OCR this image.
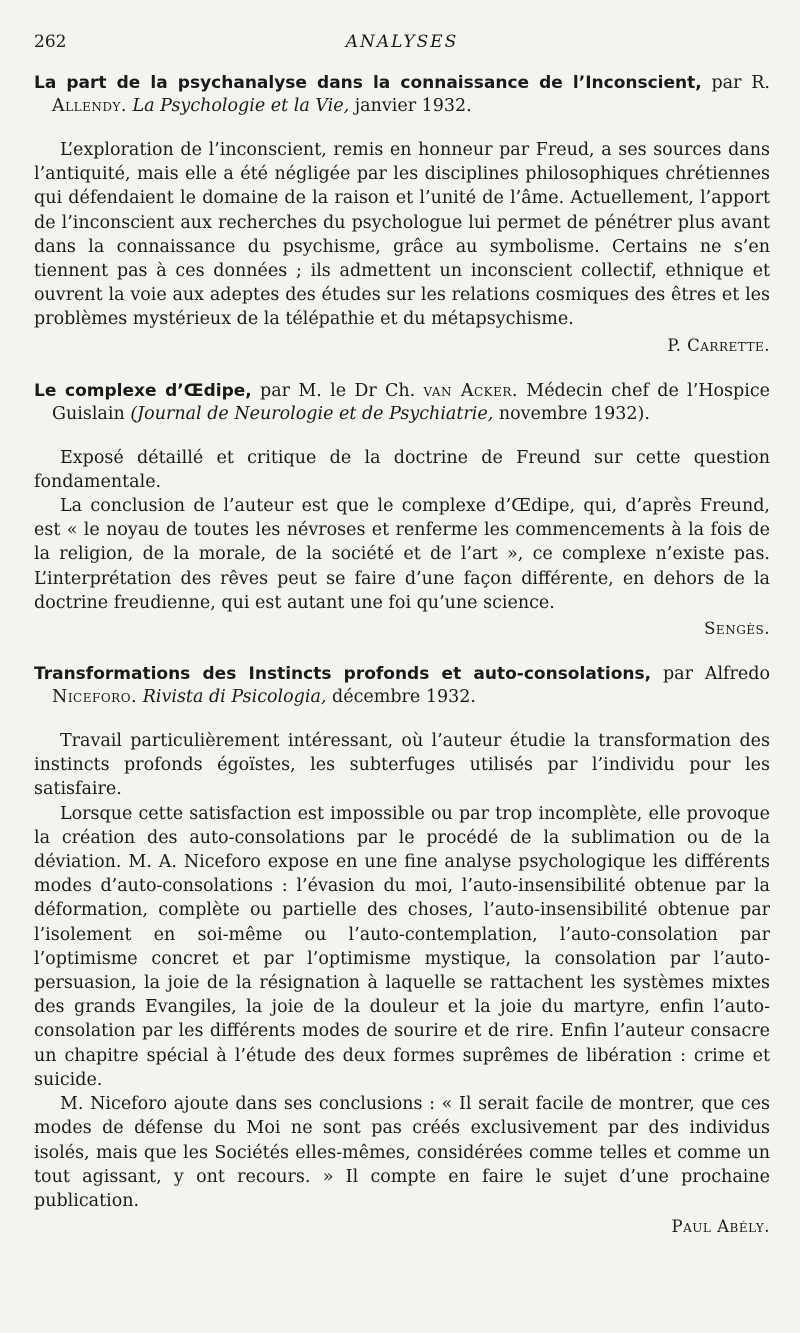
262	ANALYSES
La part de la psychanalyse dans la connaissance de l’Inconscient, par R. Allendy. La Psychologie et la Vie, janvier 1932.

L’exploration de l’inconscient, remis en honneur par Freud, a ses sources dans l’antiquité, mais elle a été négligée par les disciplines philosophiques chrétiennes qui défendaient le domaine de la raison et l’unité de l’âme. Actuellement, l’apport de l’inconscient aux recherches du psychologue lui permet de pénétrer plus avant dans la connaissance du psychisme, grâce au symbolisme. Certains ne s’en tiennent pas à ces données ; ils admettent un inconscient collectif, ethnique et ouvrent la voie aux adeptes des études sur les relations cosmiques des êtres et les problèmes mystérieux de la télépathie et du métapsychisme.

P. Carrette.

Le complexe d’Œdipe, par M. le Dr Ch. van Acker. Médecin chef de l’Hospice Guislain (Journal de Neurologie et de Psychiatrie, novembre 1932).

Exposé détaillé et critique de la doctrine de Freund sur cette question fondamentale.

La conclusion de l’auteur est que le complexe d’Œdipe, qui, d’après Freund, est « le noyau de toutes les névroses et renferme les commencements à la fois de la religion, de la morale, de la société et de l’art », ce complexe n’existe pas. L’interprétation des rêves peut se faire d’une façon différente, en dehors de la doctrine freudienne, qui est autant une foi qu’une science.

Sengès.

Transformations des Instincts profonds et auto-consolations, par Alfredo Niceforo. Rivista di Psicologia, décembre 1932.

Travail particulièrement intéressant, où l’auteur étudie la transformation des instincts profonds égoïstes, les subterfuges utilisés par l’individu pour les satisfaire.

Lorsque cette satisfaction est impossible ou par trop incomplète, elle provoque la création des auto-consolations par le procédé de la sublimation ou de la déviation. M. A. Niceforo expose en une fine analyse psychologique les différents modes d’auto-consolations : l’évasion du moi, l’auto-insensibilité obtenue par la déformation, complète ou partielle des choses, l’auto-insensibilité obtenue par l’isolement en soi-même ou l’auto-contemplation, l’auto-consolation par l’optimisme concret et par l’optimisme mystique, la consolation par l’auto-persuasion, la joie de la résignation à laquelle se rattachent les systèmes mixtes des grands Evangiles, la joie de la douleur et la joie du martyre, enfin l’auto-consolation par les différents modes de sourire et de rire. Enfin l’auteur consacre un chapitre spécial à l’étude des deux formes suprêmes de libération : crime et suicide.

M. Niceforo ajoute dans ses conclusions : « Il serait facile de montrer, que ces modes de défense du Moi ne sont pas créés exclusivement par des individus isolés, mais que les Sociétés elles-mêmes, considérées comme telles et comme un tout agissant, y ont recours. » Il compte en faire le sujet d’une prochaine publication.

Paul Abély.
